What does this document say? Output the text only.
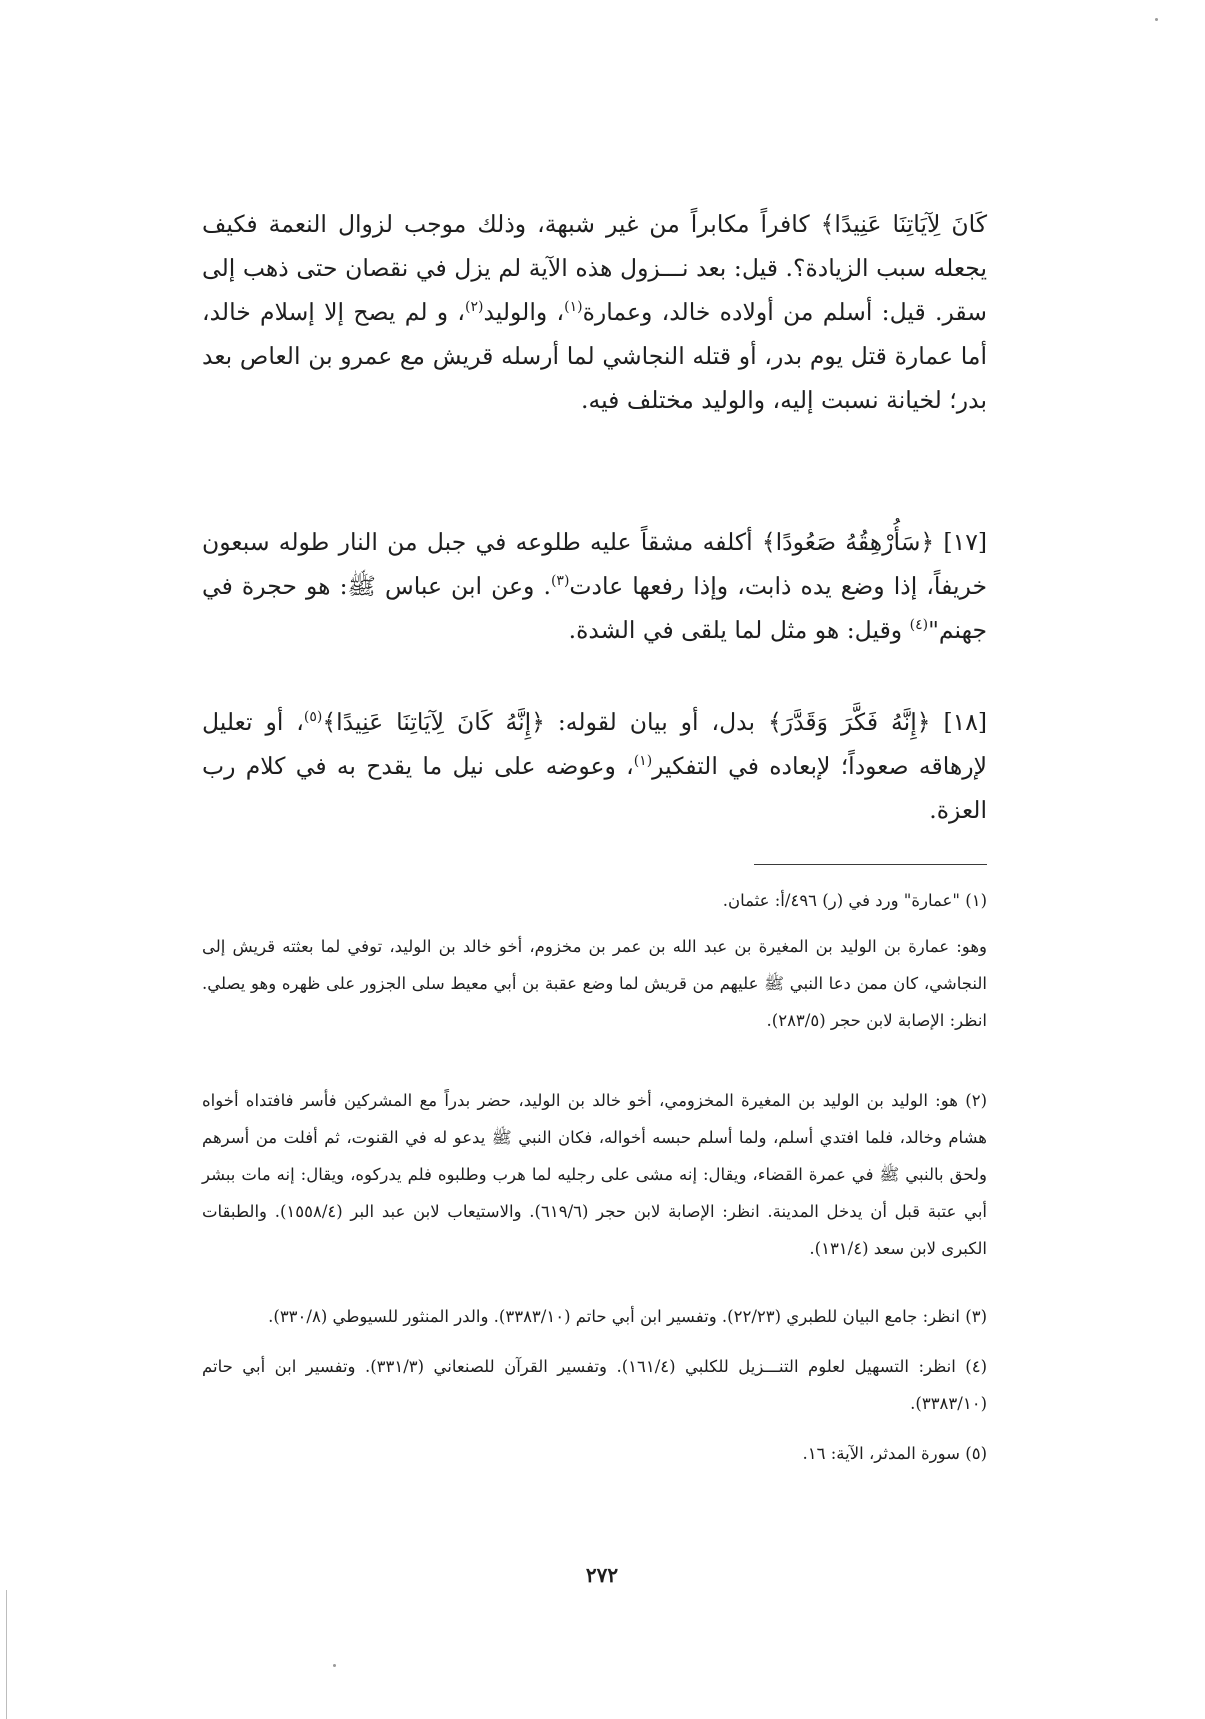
كَانَ لِآيَاتِنَا عَنِيدًا﴾ كافراً مكابراً من غير شبهة، وذلك موجب لزوال النعمة فكيف يجعله سبب الزيادة؟. قيل: بعد نـــزول هذه الآية لم يزل في نقصان حتى ذهب إلى سقر. قيل: أسلم من أولاده خالد، وعمارة$^{(١)}$، والوليد$^{(٢)}$، و لم يصح إلا إسلام خالد، أما عمارة قتل يوم بدر، أو قتله النجاشي لما أرسله قريش مع عمرو بن العاص بعد بدر؛ لخيانة نسبت إليه، والوليد مختلف فيه.
[١٧] ﴿سَأُرْهِقُهُ صَعُودًا﴾ أكلفه مشقاً عليه طلوعه في جبل من النار طوله سبعون خريفاً، إذا وضع يده ذابت، وإذا رفعها عادت$^{(٣)}$. وعن ابن عباس ﷺ: هو حجرة في جهنم"$^{(٤)}$ وقيل: هو مثل لما يلقى في الشدة.
[١٨] ﴿إِنَّهُ فَكَّرَ وَقَدَّرَ﴾ بدل، أو بيان لقوله: ﴿إِنَّهُ كَانَ لِآيَاتِنَا عَنِيدًا﴾$^{(٥)}$، أو تعليل لإرهاقه صعوداً؛ لإبعاده في التفكير$^{(١)}$، وعوضه على نيل ما يقدح به في كلام رب العزة.
(١) "عمارة" ورد في (ر) ٤٩٦/أ: عثمان.
وهو: عمارة بن الوليد بن المغيرة بن عبد الله بن عمر بن مخزوم، أخو خالد بن الوليد، توفي لما بعثته قريش إلى النجاشي، كان ممن دعا النبي ﷺ عليهم من قريش لما وضع عقبة بن أبي معيط سلى الجزور على ظهره وهو يصلي. انظر: الإصابة لابن حجر (٢٨٣/٥).
(٢) هو: الوليد بن الوليد بن المغيرة المخزومي، أخو خالد بن الوليد، حضر بدراً مع المشركين فأسر فافتداه أخواه هشام وخالد، فلما افتدي أسلم، ولما أسلم حبسه أخواله، فكان النبي ﷺ يدعو له في القنوت، ثم أفلت من أسرهم ولحق بالنبي ﷺ في عمرة القضاء، ويقال: إنه مشى على رجليه لما هرب وطلبوه فلم يدركوه، ويقال: إنه مات ببشر أبي عتبة قبل أن يدخل المدينة. انظر: الإصابة لابن حجر (٦١٩/٦). والاستيعاب لابن عبد البر (١٥٥٨/٤). والطبقات الكبرى لابن سعد (١٣١/٤).
(٣) انظر: جامع البيان للطبري (٢٢/٢٣). وتفسير ابن أبي حاتم (٣٣٨٣/١٠). والدر المنثور للسيوطي (٣٣٠/٨).
(٤) انظر: التسهيل لعلوم التنـــزيل للكلبي (١٦١/٤). وتفسير القرآن للصنعاني (٣٣١/٣). وتفسير ابن أبي حاتم (٣٣٨٣/١٠).
(٥) سورة المدثر، الآية: ١٦.
٢٧٢
